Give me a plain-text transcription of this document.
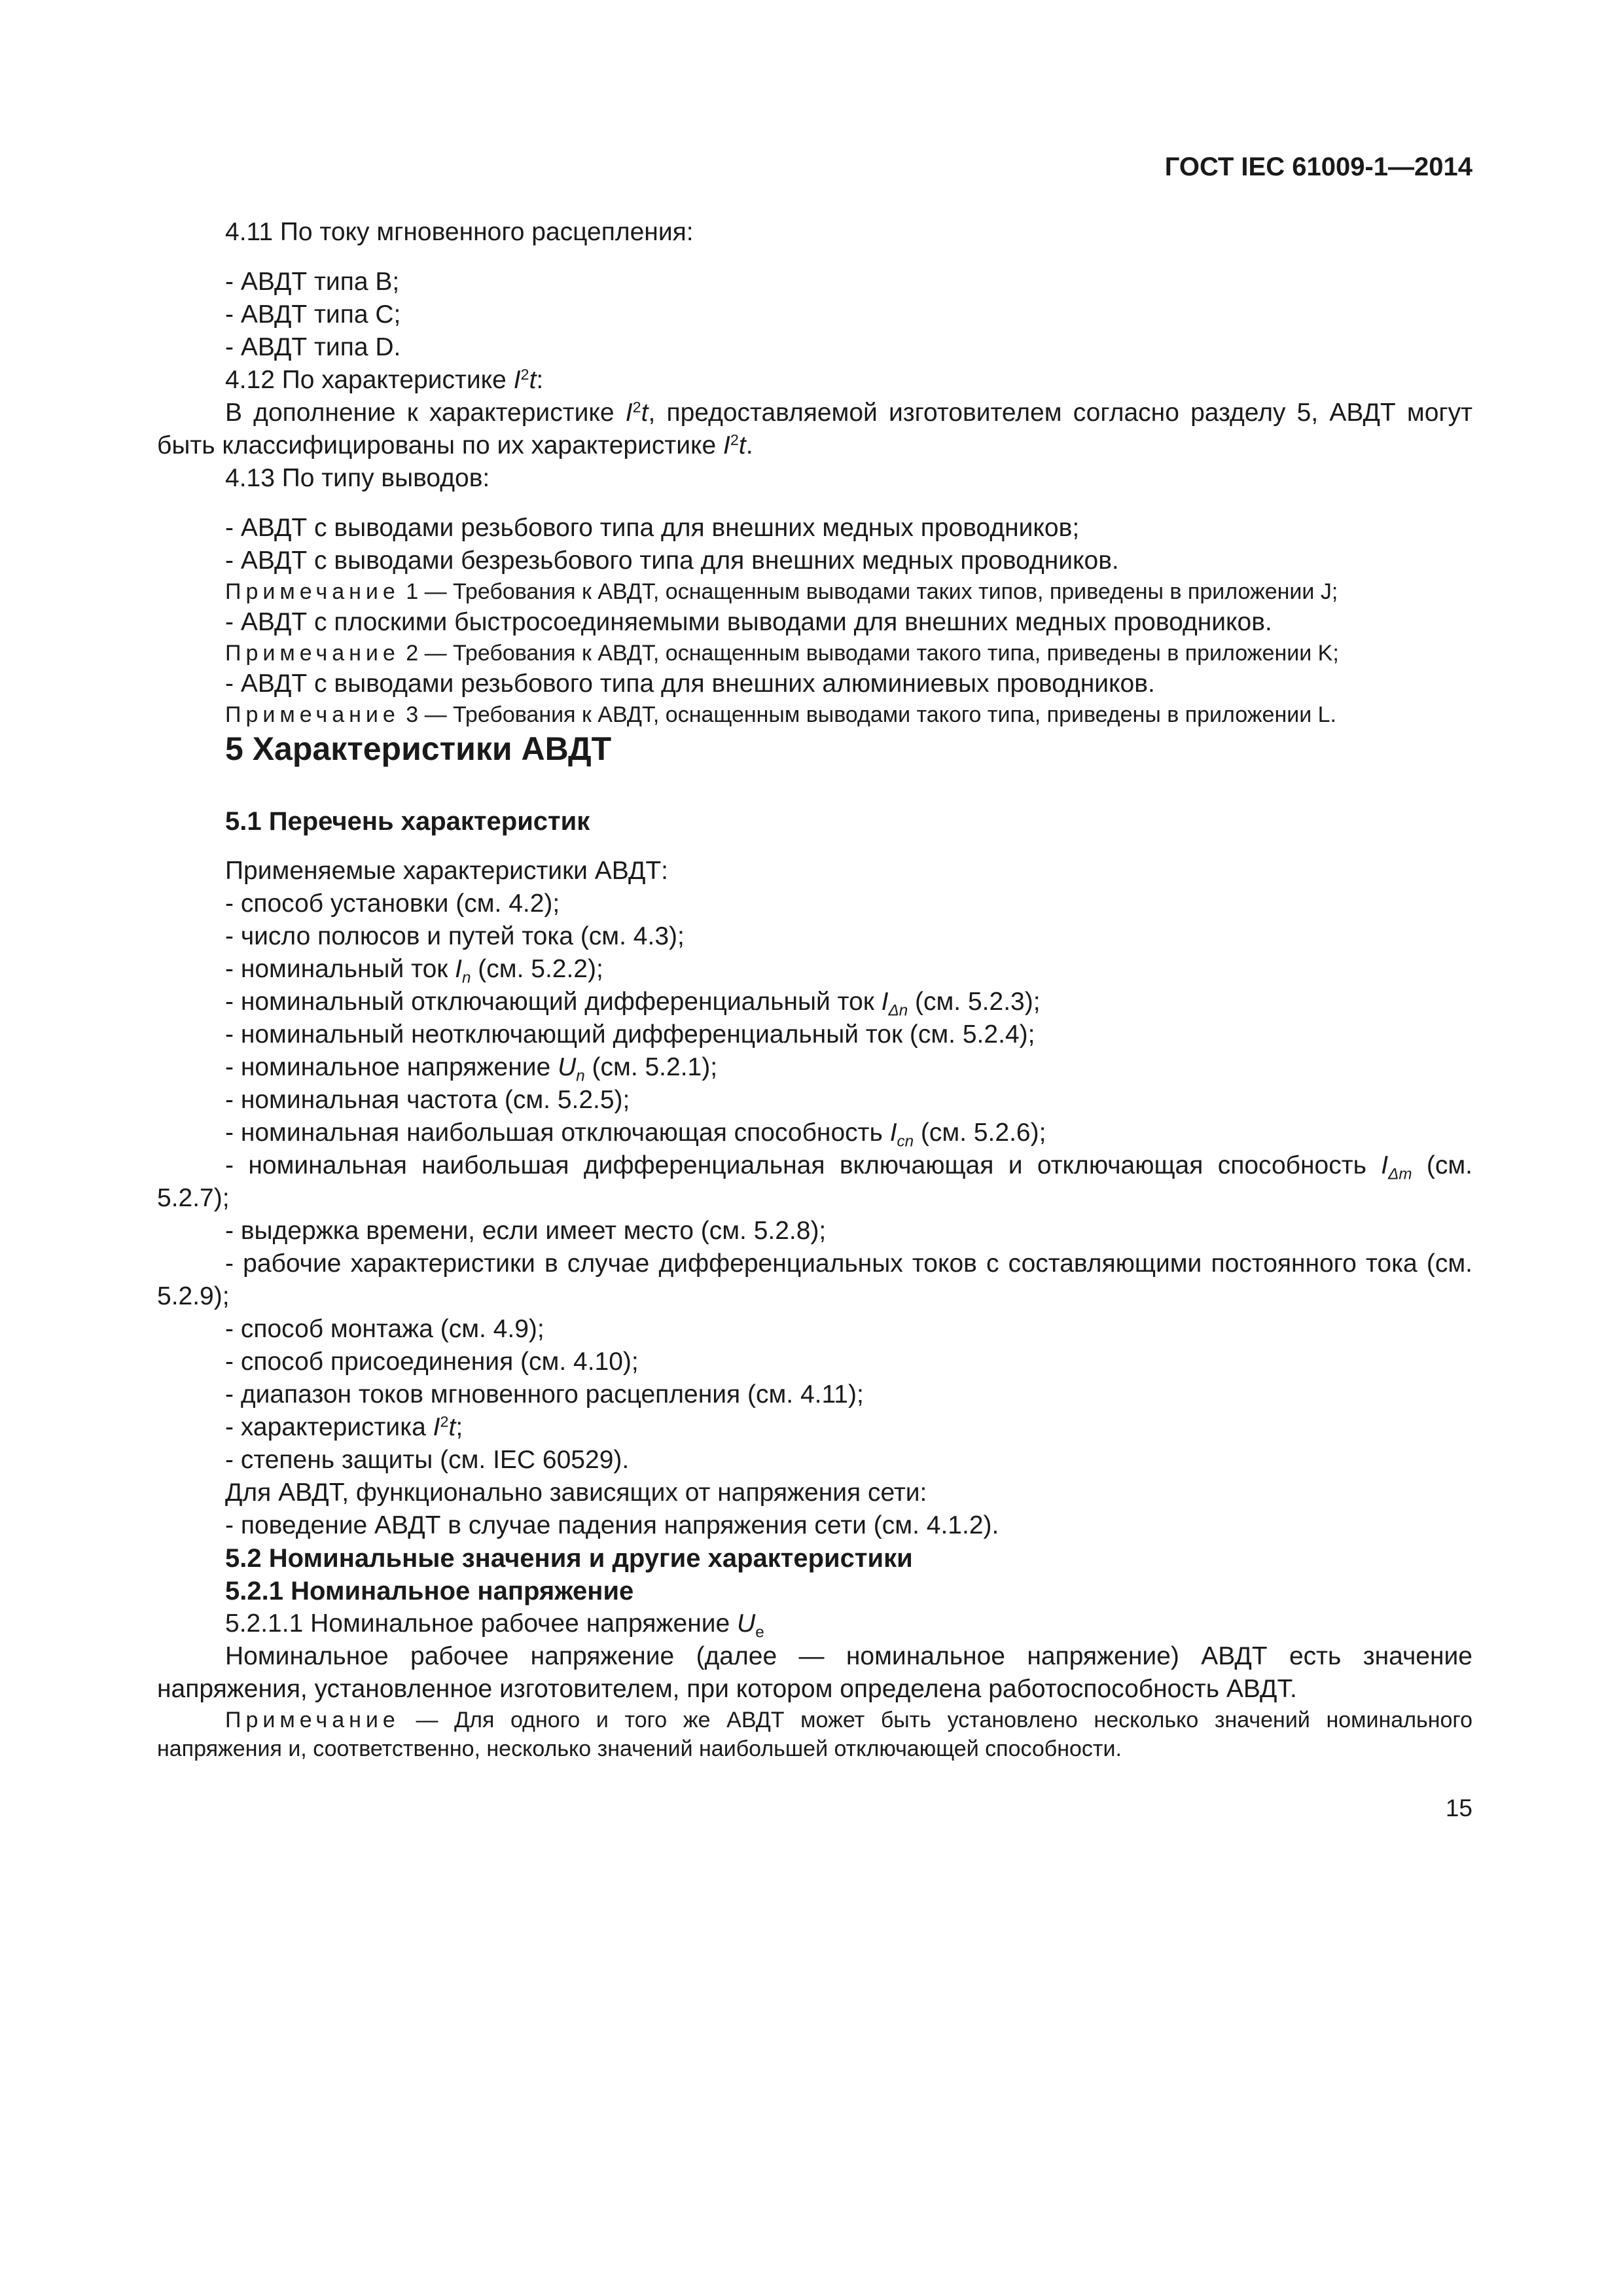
ГОСТ IEC 61009-1—2014

4.11 По току мгновенного расцепления:

- АВДТ типа В;

- АВДТ типа С;

- АВДТ типа D.

4.12 По характеристике $I^2t$:

В дополнение к характеристике $I^2t$, предоставляемой изготовителем согласно разделу 5, АВДТ могут быть классифицированы по их характеристике $I^2t$.

4.13 По типу выводов:

- АВДТ с выводами резьбового типа для внешних медных проводников;

- АВДТ с выводами безрезьбового типа для внешних медных проводников.

Примечание 1 — Требования к АВДТ, оснащенным выводами таких типов, приведены в приложении J;

- АВДТ с плоскими быстросоединяемыми выводами для внешних медных проводников.

Примечание 2 — Требования к АВДТ, оснащенным выводами такого типа, приведены в приложении K;

- АВДТ с выводами резьбового типа для внешних алюминиевых проводников.

Примечание 3 — Требования к АВДТ, оснащенным выводами такого типа, приведены в приложении L.

5 Характеристики АВДТ

5.1 Перечень характеристик

Применяемые характеристики АВДТ:

- способ установки (см. 4.2);

- число полюсов и путей тока (см. 4.3);

- номинальный ток $I_n$ (см. 5.2.2);

- номинальный отключающий дифференциальный ток $I_{\Delta n}$ (см. 5.2.3);

- номинальный неотключающий дифференциальный ток (см. 5.2.4);

- номинальное напряжение $U_n$ (см. 5.2.1);

- номинальная частота (см. 5.2.5);

- номинальная наибольшая отключающая способность $I_{cn}$ (см. 5.2.6);

- номинальная наибольшая дифференциальная включающая и отключающая способность $I_{\Delta m}$ (см. 5.2.7);

- выдержка времени, если имеет место (см. 5.2.8);

- рабочие характеристики в случае дифференциальных токов с составляющими постоянного тока (см. 5.2.9);

- способ монтажа (см. 4.9);

- способ присоединения (см. 4.10);

- диапазон токов мгновенного расцепления (см. 4.11);

- характеристика $I^2t$;

- степень защиты (см. IEC 60529).

Для АВДТ, функционально зависящих от напряжения сети:

- поведение АВДТ в случае падения напряжения сети (см. 4.1.2).

5.2 Номинальные значения и другие характеристики

5.2.1 Номинальное напряжение

5.2.1.1 Номинальное рабочее напряжение $U_e$

Номинальное рабочее напряжение (далее — номинальное напряжение) АВДТ есть значение напряжения, установленное изготовителем, при котором определена работоспособность АВДТ.

Примечание — Для одного и того же АВДТ может быть установлено несколько значений номинального напряжения и, соответственно, несколько значений наибольшей отключающей способности.

15
